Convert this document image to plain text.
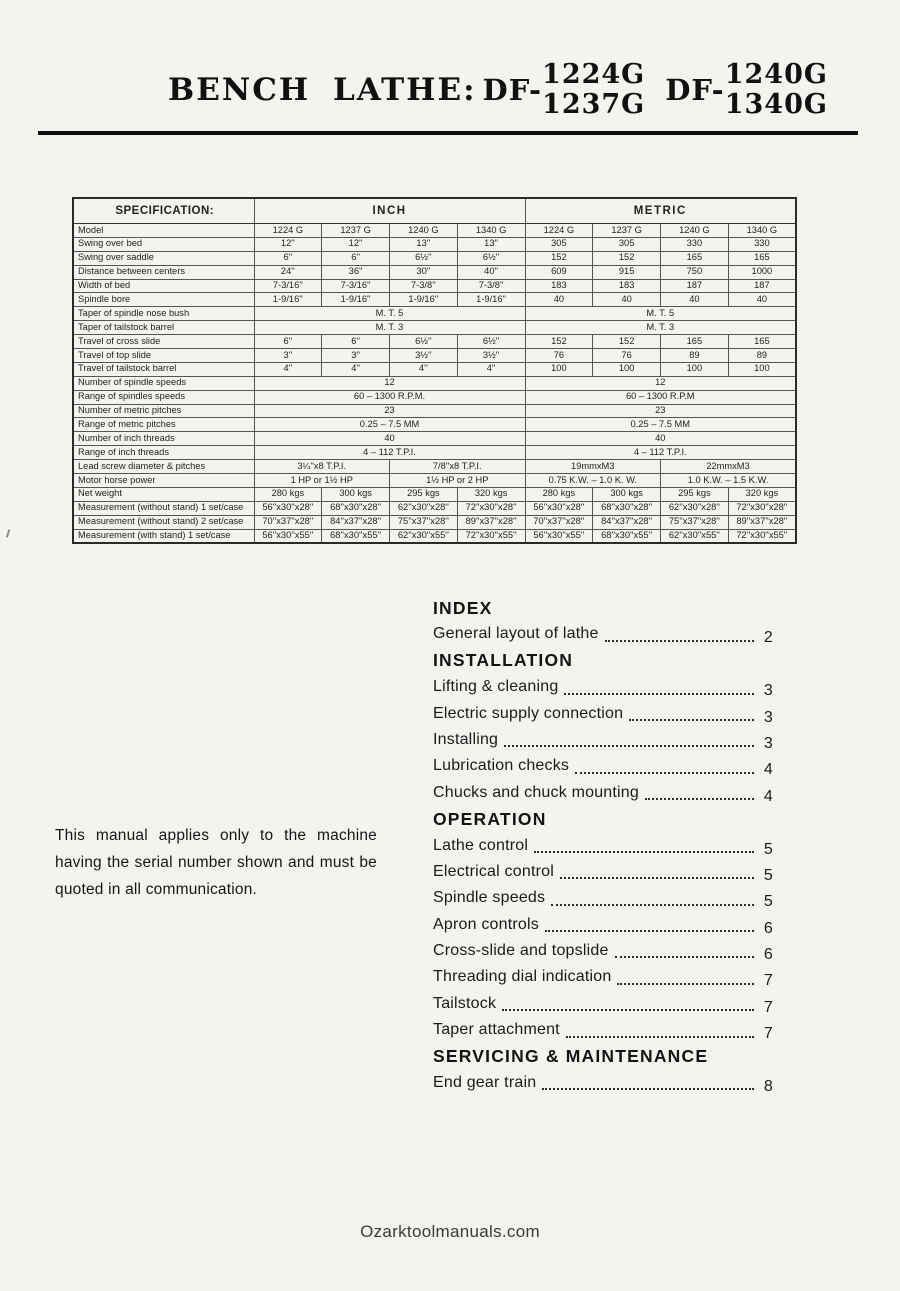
BENCH LATHE: DF- 1224G
1237G DF- 1240G
1340G
SPECIFICATION:	INCH				METRIC			
Model	1224 G	1237 G	1240 G	1340 G	1224 G	1237 G	1240 G	1340 G
Swing over bed	12''	12''	13''	13''	305	305	330	330
Swing over saddle	6''	6''	6½''	6½''	152	152	165	165
Distance between centers	24''	36''	30''	40''	609	915	750	1000
Width of bed	7-3/16''	7-3/16''	7-3/8''	7-3/8''	183	183	187	187
Spindle bore	1-9/16''	1-9/16''	1-9/16''	1-9/16''	40	40	40	40
Taper of spindle nose bush	M. T. 5				M. T. 5			
Taper of tailstock barrel	M. T. 3				M. T. 3			
Travel of cross slide	6''	6''	6½''	6½''	152	152	165	165
Travel of top slide	3''	3''	3½''	3½''	76	76	89	89
Travel of tailstock barrel	4''	4''	4''	4''	100	100	100	100
Number of spindle speeds	12				12			
Range of spindles speeds	60 – 1300 R.P.M.				60 – 1300 R.P.M			
Number of metric pitches	23				23			
Range of metric pitches	0.25 – 7.5 MM				0.25 – 7.5 MM			
Number of inch threads	40				40			
Range of inch threads	4 – 112 T.P.I.				4 – 112 T.P.I.			
Lead screw diameter & pitches	3¼''x8 T.P.I.		7/8''x8 T.P.I.		19mmxM3		22mmxM3	
Motor horse power	1 HP or 1½ HP		1½ HP or 2 HP		0.75 K.W. – 1.0 K. W.		1.0 K.W. – 1.5 K.W.	
Net weight	280 kgs	300 kgs	295 kgs	320 kgs	280 kgs	300 kgs	295 kgs	320 kgs
Measurement (without stand) 1 set/case	56''x30''x28''	68''x30''x28''	62''x30''x28''	72''x30''x28''	56''x30''x28''	68''x30''x28''	62''x30''x28''	72''x30''x28''
Measurement (without stand) 2 set/case	70''x37''x28''	84''x37''x28''	75''x37''x28''	89''x37''x28''	70''x37''x28''	84''x37''x28''	75''x37''x28''	89''x37''x28''
Measurement (with stand) 1 set/case	56''x30''x55''	68''x30''x55''	62''x30''x55''	72''x30''x55''	56''x30''x55''	68''x30''x55''	62''x30''x55''	72''x30''x55''

This manual applies only to the machine having the serial number shown and must be quoted in all communication.

INDEX
General layout of lathe	2
INSTALLATION
Lifting & cleaning	3
Electric supply connection	3
Installing	3
Lubrication checks	4
Chucks and chuck mounting	4
OPERATION
Lathe control	5
Electrical control	5
Spindle speeds	5
Apron controls	6
Cross-slide and topslide	6
Threading dial indication	7
Tailstock	7
Taper attachment	7
SERVICING & MAINTENANCE
End gear train	8
Ozarktoolmanuals.com
